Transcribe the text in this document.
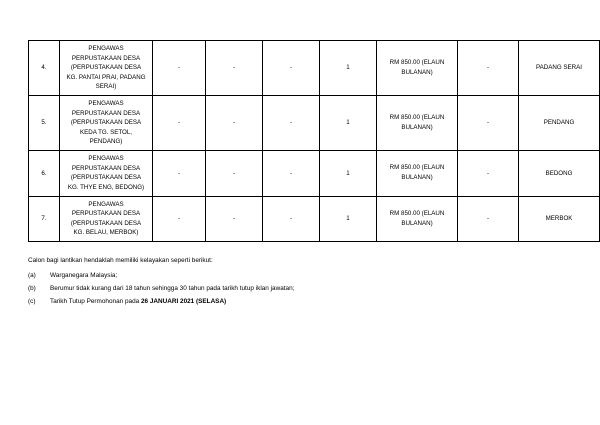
4.	PENGAWAS PERPUSTAKAAN DESA (PERPUSTAKAAN DESA KG. PANTAI PRAI, PADANG SERAI)	-	-	-	1	RM 850.00 (ELAUN BULANAN)	-	PADANG SERAI
5.	PENGAWAS PERPUSTAKAAN DESA (PERPUSTAKAAN DESA KEDA TG. SETOL, PENDANG)	-	-	-	1	RM 850.00 (ELAUN BULANAN)	-	PENDANG
6.	PENGAWAS PERPUSTAKAAN DESA (PERPUSTAKAAN DESA KG. THYE ENG, BEDONG)	-	-	-	1	RM 850.00 (ELAUN BULANAN)	-	BEDONG
7.	PENGAWAS PERPUSTAKAAN DESA (PERPUSTAKAAN DESA KG. BELAU, MERBOK)	-	-	-	1	RM 850.00 (ELAUN BULANAN)	-	MERBOK

Calon bagi lantikan hendaklah memiliki kelayakan seperti berikut:

(a)	Warganegara Malaysia;
(b)	Berumur tidak kurang dari 18 tahun sehingga 30 tahun pada tarikh tutup iklan jawatan;
(c)	Tarikh Tutup Permohonan pada 26 JANUARI 2021 (SELASA)
